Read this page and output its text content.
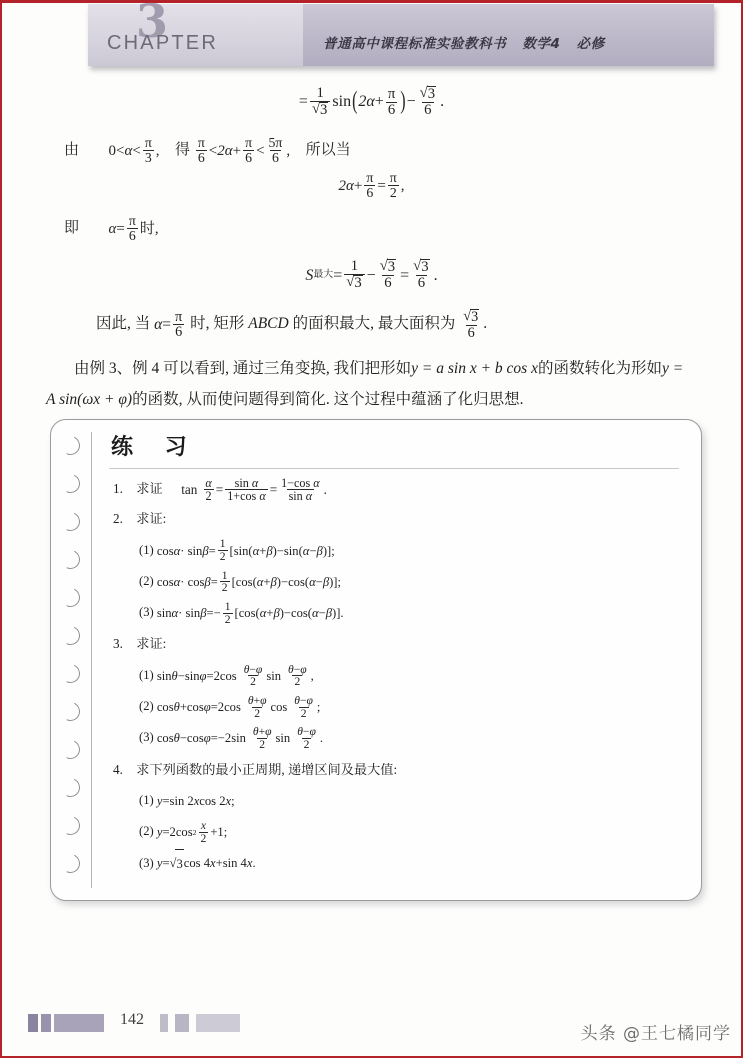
3
CHAPTER	普通高中课程标准实验教科书 数学4 必修
= $\frac{1}{√ 3}$ sin ( $2\alpha + \frac{\pi}{6}$ ) − $\frac{√ 3}{6}$ .
由  $0< \alpha < \frac{\pi}{3}$ ,  得 $\frac{\pi}{6} < 2\alpha + \frac{\pi}{6} < \frac{5\pi}{6}$ ,  所以当
$2\alpha + \frac{\pi}{6} = \frac{\pi}{2}$ ,
即 $\alpha = \frac{\pi}{6}$ 时,
S 最大 = $\frac{1}{√ 3} - \frac{√ 3}{6} = \frac{√ 3}{6}$ .
因此, 当 $\alpha = \frac{\pi}{6}$ 时, 矩形 ABCD 的面积最大, 最大面积为 $\frac{√ 3}{6}$ .
由例 3、例 4 可以看到, 通过三角变换, 我们把形如y = a sin x + b cos x的函数转化为形如y = A sin(ωx + φ)的函数, 从而使问题得到简化. 这个过程中蕴涵了化归思想.
练 习
1. 求证  $\tan \frac{\alpha}{2} = \frac{\text{sin α}}{\text{1+cos α}} = \frac{\text{1−cos α}}{\text{sin α}}$ .
2. 求证:
(1) $\cos \alpha \cdot \sin \beta = \frac{1}{2} [\sin$( α + β )−sin( α − β )];
(2) $\cos \alpha \cdot \cos \beta = \frac{1}{2} [\cos$( α + β )−cos( α − β )];
(3) $\sin \alpha \cdot \sin \beta =- \frac{1}{2} [\cos$( α + β )−cos( α − β )].
3. 求证:
(1) sin θ −sin $\varphi =2\cos \frac{\theta-\varphi}{2}$ $\sin \frac{\theta-\varphi}{2}$ ,
(2) cos θ +cos $\varphi =2\cos \frac{\theta+\varphi}{2}$ $\cos \frac{\theta-\varphi}{2}$ ;
(3) cos θ −cos $\varphi =-2\sin \frac{\theta+\varphi}{2}$ $\sin \frac{\theta-\varphi}{2}$ .
4. 求下列函数的最小正周期, 递增区间及最大值:
(1) y =sin 2 x cos 2 x ;
(2) y =2cos $2 \frac{x}{2} +1$;
(3) y = √ 3 cos 4 x +sin 4 x .
142
头条 @王七橘同学
